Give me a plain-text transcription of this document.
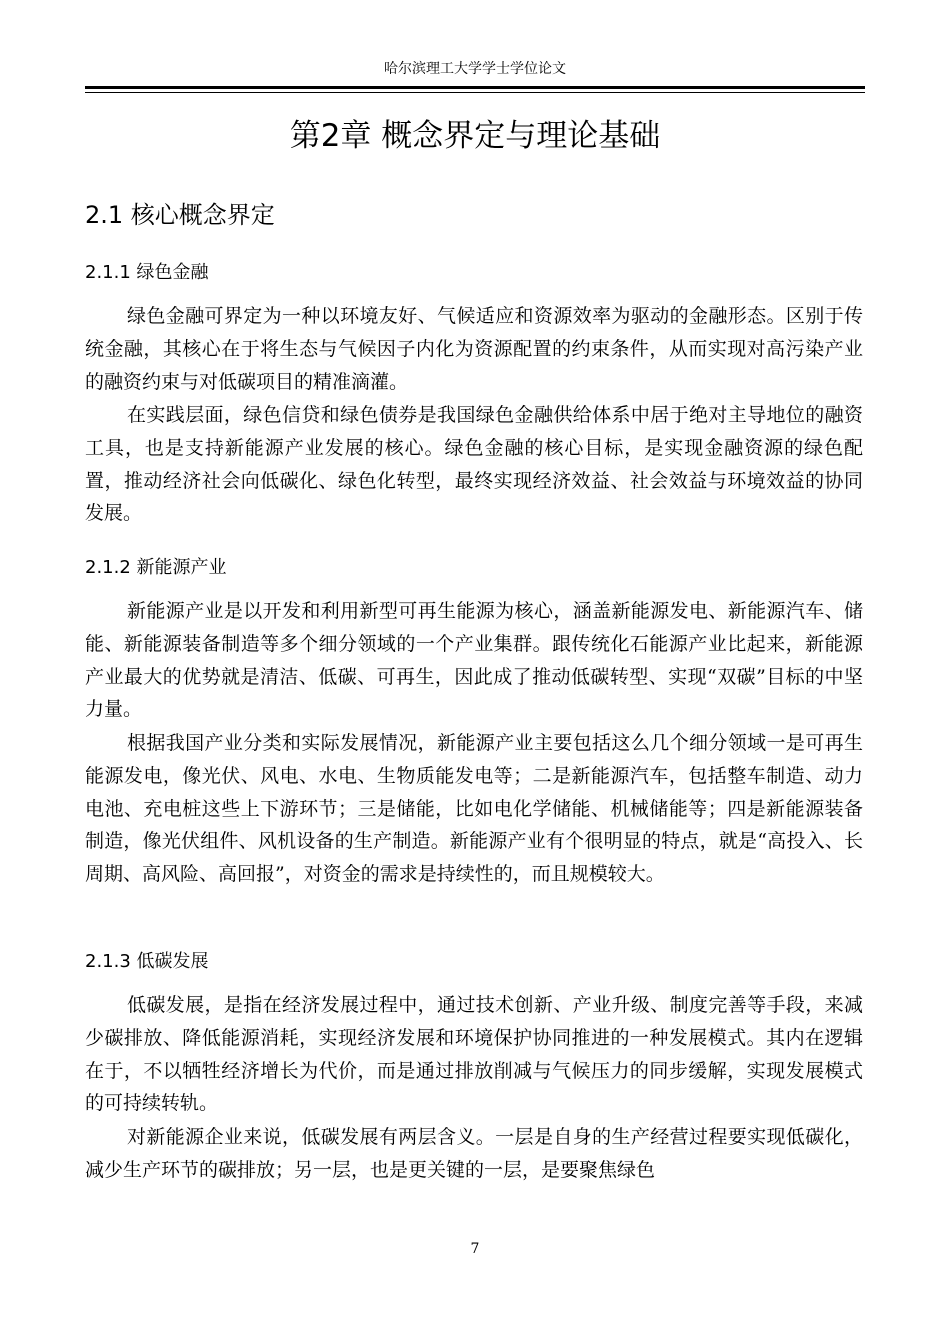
哈尔滨理工大学学士学位论文
第2章 概念界定与理论基础
2.1 核心概念界定
2.1.1 绿色金融

绿色金融可界定为一种以环境友好、气候适应和资源效率为驱动的金融形态。区别于传统金融，其核心在于将生态与气候因子内化为资源配置的约束条件，从而实现对高污染产业的融资约束与对低碳项目的精准滴灌。

在实践层面，绿色信贷和绿色债券是我国绿色金融供给体系中居于绝对主导地位的融资工具，也是支持新能源产业发展的核心。绿色金融的核心目标，是实现金融资源的绿色配置，推动经济社会向低碳化、绿色化转型，最终实现经济效益、社会效益与环境效益的协同发展。

2.1.2 新能源产业

新能源产业是以开发和利用新型可再生能源为核心，涵盖新能源发电、新能源汽车、储能、新能源装备制造等多个细分领域的一个产业集群。跟传统化石能源产业比起来，新能源产业最大的优势就是清洁、低碳、可再生，因此成了推动低碳转型、实现“双碳”目标的中坚力量。

根据我国产业分类和实际发展情况，新能源产业主要包括这么几个细分领域一是可再生能源发电，像光伏、风电、水电、生物质能发电等；二是新能源汽车，包括整车制造、动力电池、充电桩这些上下游环节；三是储能，比如电化学储能、机械储能等；四是新能源装备制造，像光伏组件、风机设备的生产制造。新能源产业有个很明显的特点，就是“高投入、长周期、高风险、高回报”，对资金的需求是持续性的，而且规模较大。

2.1.3 低碳发展

低碳发展，是指在经济发展过程中，通过技术创新、产业升级、制度完善等手段，来减少碳排放、降低能源消耗，实现经济发展和环境保护协同推进的一种发展模式。其内在逻辑在于，不以牺牲经济增长为代价，而是通过排放削减与气候压力的同步缓解，实现发展模式的可持续转轨。

对新能源企业来说，低碳发展有两层含义。一层是自身的生产经营过程要实现低碳化，减少生产环节的碳排放；另一层，也是更关键的一层，是要聚焦绿色

7
